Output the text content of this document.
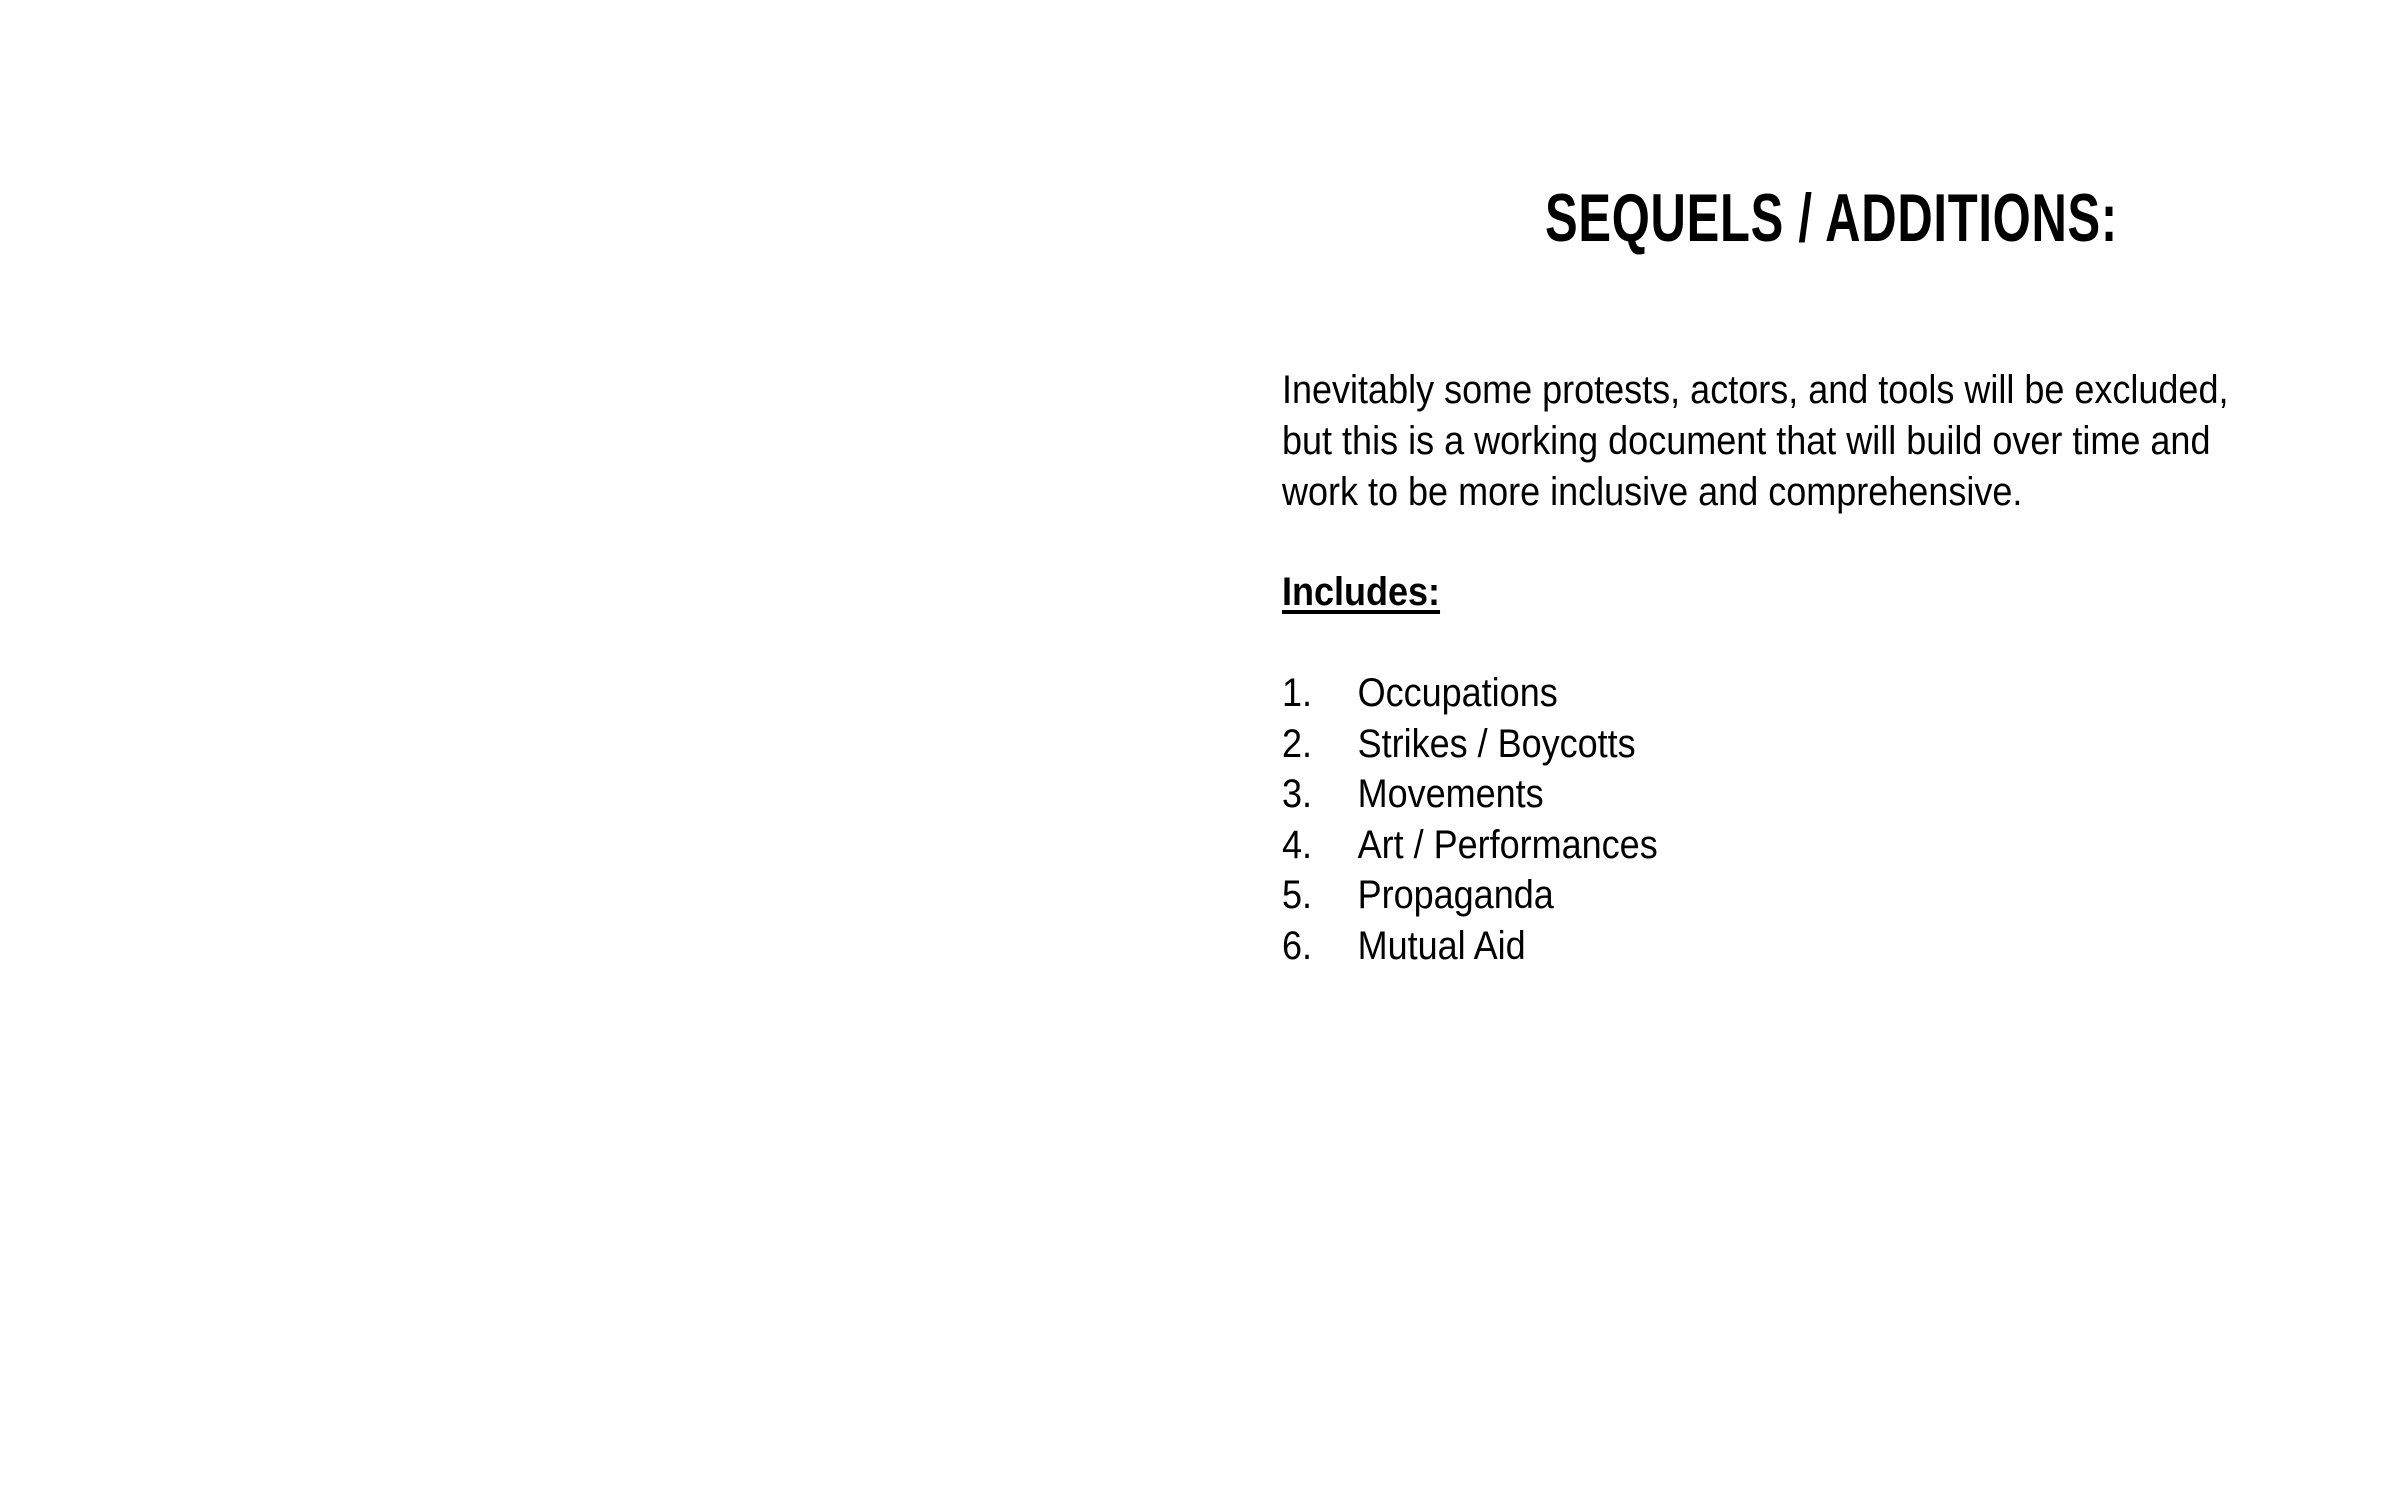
SEQUELS / ADDITIONS:

Inevitably some protests, actors, and tools will be excluded, but this is a working document that will build over time and work to be more inclusive and comprehensive.

Includes:
1.	Occupations
2.	Strikes / Boycotts
3.	Movements
4.	Art / Performances
5.	Propaganda
6.	Mutual Aid
